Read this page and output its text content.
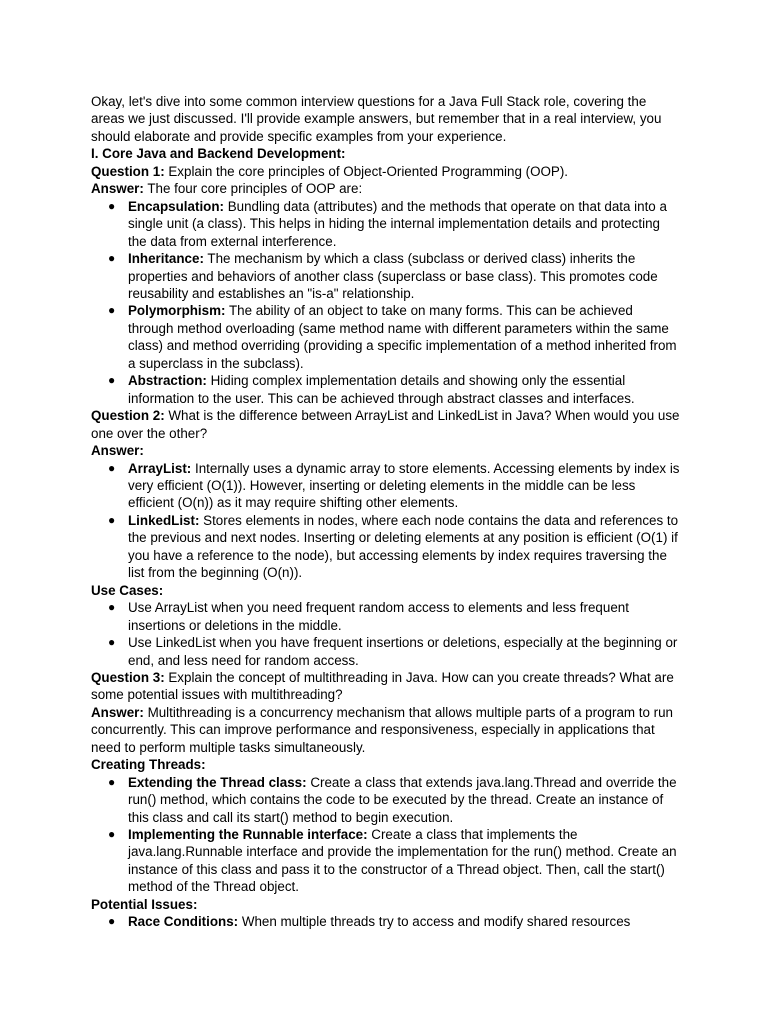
Okay, let's dive into some common interview questions for a Java Full Stack role, covering the areas we just discussed. I'll provide example answers, but remember that in a real interview, you should elaborate and provide specific examples from your experience.

I. Core Java and Backend Development:

Question 1: Explain the core principles of Object-Oriented Programming (OOP).

Answer: The four core principles of OOP are:

● Encapsulation: Bundling data (attributes) and the methods that operate on that data into a single unit (a class). This helps in hiding the internal implementation details and protecting the data from external interference.
● Inheritance: The mechanism by which a class (subclass or derived class) inherits the properties and behaviors of another class (superclass or base class). This promotes code reusability and establishes an "is-a" relationship.
● Polymorphism: The ability of an object to take on many forms. This can be achieved through method overloading (same method name with different parameters within the same class) and method overriding (providing a specific implementation of a method inherited from a superclass in the subclass).
● Abstraction: Hiding complex implementation details and showing only the essential information to the user. This can be achieved through abstract classes and interfaces.

Question 2: What is the difference between ArrayList and LinkedList in Java? When would you use one over the other?

Answer:

● ArrayList: Internally uses a dynamic array to store elements. Accessing elements by index is very efficient (O(1)). However, inserting or deleting elements in the middle can be less efficient (O(n)) as it may require shifting other elements.
● LinkedList: Stores elements in nodes, where each node contains the data and references to the previous and next nodes. Inserting or deleting elements at any position is efficient (O(1) if you have a reference to the node), but accessing elements by index requires traversing the list from the beginning (O(n)).

Use Cases:

● Use ArrayList when you need frequent random access to elements and less frequent insertions or deletions in the middle.
● Use LinkedList when you have frequent insertions or deletions, especially at the beginning or end, and less need for random access.

Question 3: Explain the concept of multithreading in Java. How can you create threads? What are some potential issues with multithreading?

Answer: Multithreading is a concurrency mechanism that allows multiple parts of a program to run concurrently. This can improve performance and responsiveness, especially in applications that need to perform multiple tasks simultaneously.

Creating Threads:

● Extending the Thread class: Create a class that extends java.lang.Thread and override the run() method, which contains the code to be executed by the thread. Create an instance of this class and call its start() method to begin execution.
● Implementing the Runnable interface: Create a class that implements the java.lang.Runnable interface and provide the implementation for the run() method. Create an instance of this class and pass it to the constructor of a Thread object. Then, call the start() method of the Thread object.

Potential Issues:

● Race Conditions: When multiple threads try to access and modify shared resources
